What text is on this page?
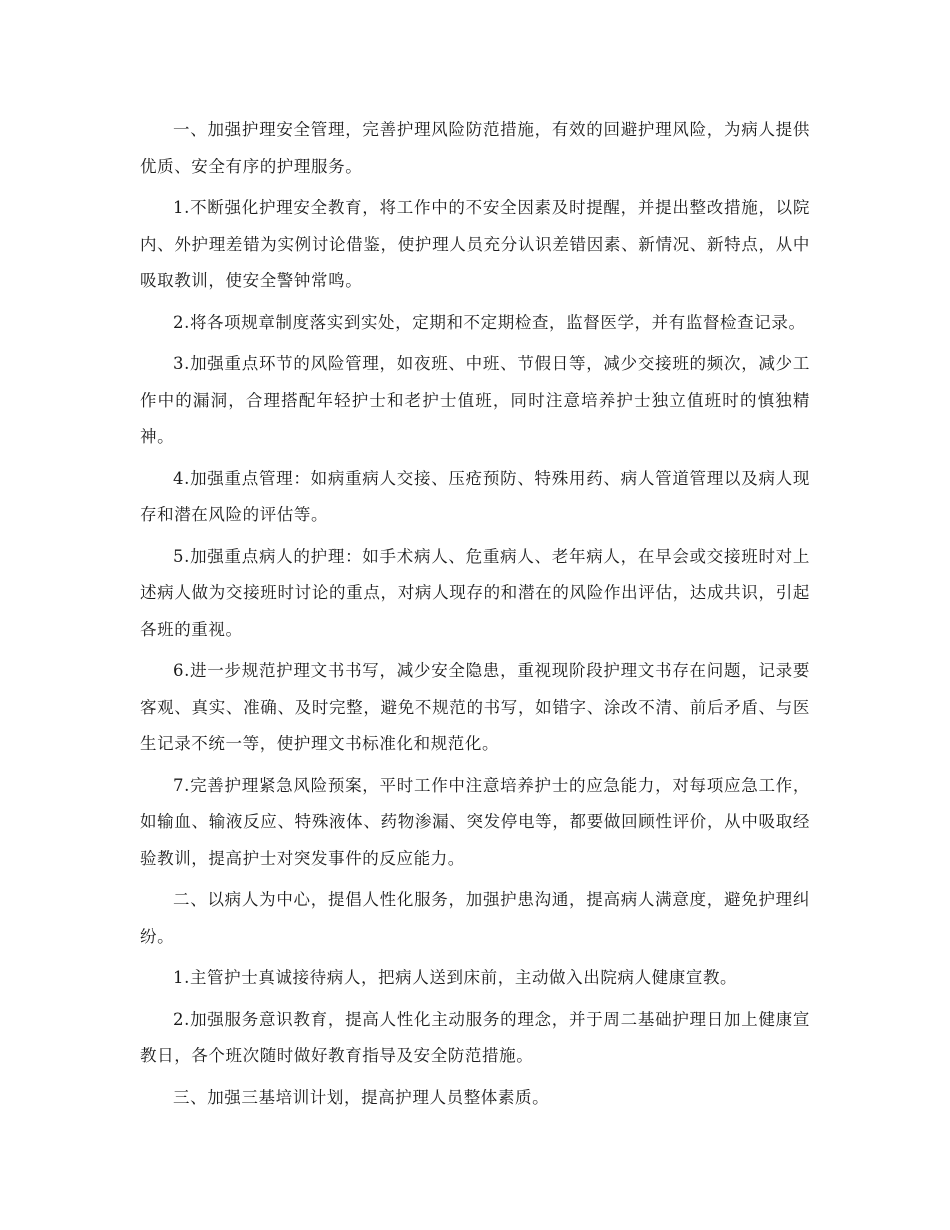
一、加强护理安全管理，完善护理风险防范措施，有效的回避护理风险，为病人提供优质、安全有序的护理服务。

1.不断强化护理安全教育，将工作中的不安全因素及时提醒，并提出整改措施，以院内、外护理差错为实例讨论借鉴，使护理人员充分认识差错因素、新情况、新特点，从中吸取教训，使安全警钟常鸣。

2.将各项规章制度落实到实处，定期和不定期检查，监督医学，并有监督检查记录。

3.加强重点环节的风险管理，如夜班、中班、节假日等，减少交接班的频次，减少工作中的漏洞，合理搭配年轻护士和老护士值班，同时注意培养护士独立值班时的慎独精神。

4.加强重点管理：如病重病人交接、压疮预防、特殊用药、病人管道管理以及病人现存和潜在风险的评估等。

5.加强重点病人的护理：如手术病人、危重病人、老年病人，在早会或交接班时对上述病人做为交接班时讨论的重点，对病人现存的和潜在的风险作出评估，达成共识，引起各班的重视。

6.进一步规范护理文书书写，减少安全隐患，重视现阶段护理文书存在问题，记录要客观、真实、准确、及时完整，避免不规范的书写，如错字、涂改不清、前后矛盾、与医生记录不统一等，使护理文书标准化和规范化。

7.完善护理紧急风险预案，平时工作中注意培养护士的应急能力，对每项应急工作，如输血、输液反应、特殊液体、药物渗漏、突发停电等，都要做回顾性评价，从中吸取经验教训，提高护士对突发事件的反应能力。

二、以病人为中心，提倡人性化服务，加强护患沟通，提高病人满意度，避免护理纠纷。

1.主管护士真诚接待病人，把病人送到床前，主动做入出院病人健康宣教。

2.加强服务意识教育，提高人性化主动服务的理念，并于周二基础护理日加上健康宣教日，各个班次随时做好教育指导及安全防范措施。

三、加强三基培训计划，提高护理人员整体素质。
